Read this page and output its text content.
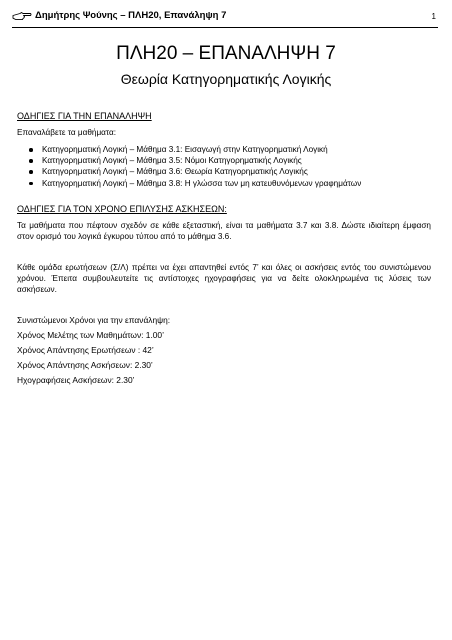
Δημήτρης Ψούνης – ΠΛΗ20, Επανάληψη 7	1
ΠΛΗ20 – ΕΠΑΝΑΛΗΨΗ 7
Θεωρία Κατηγορηματικής Λογικής

ΟΔΗΓΙΕΣ ΓΙΑ ΤΗΝ ΕΠΑΝΑΛΗΨΗ

Επαναλάβετε τα μαθήματα:

Κατηγορηματική Λογική – Μάθημα 3.1: Εισαγωγή στην Κατηγορηματική Λογική
Κατηγορηματική Λογική – Μάθημα 3.5: Νόμοι Κατηγορηματικής Λογικής
Κατηγορηματική Λογική – Μάθημα 3.6: Θεωρία Κατηγορηματικής Λογικής
Κατηγορηματική Λογική – Μάθημα 3.8: Η γλώσσα των μη κατευθυνόμενων γραφημάτων

ΟΔΗΓΙΕΣ ΓΙΑ ΤΟΝ ΧΡΟΝΟ ΕΠΙΛΥΣΗΣ ΑΣΚΗΣΕΩΝ:

Τα μαθήματα που πέφτουν σχεδόν σε κάθε εξεταστική, είναι τα μαθήματα 3.7 και 3.8. Δώστε ιδιαίτερη έμφαση στον ορισμό του λογικά έγκυρου τύπου από το μάθημα 3.6.

Κάθε ομάδα ερωτήσεων (Σ/Λ) πρέπει να έχει απαντηθεί εντός 7’ και όλες οι ασκήσεις εντός του συνιστώμενου χρόνου. Έπειτα συμβουλευτείτε τις αντίστοιχες ηχογραφήσεις για να δείτε ολοκληρωμένα τις λύσεις των ασκήσεων.

Συνιστώμενοι Χρόνοι για την επανάληψη:

Χρόνος Μελέτης των Μαθημάτων: 1.00’

Χρόνος Απάντησης Ερωτήσεων : 42’

Χρόνος Απάντησης Ασκήσεων: 2.30’

Ηχογραφήσεις Ασκήσεων: 2.30’
